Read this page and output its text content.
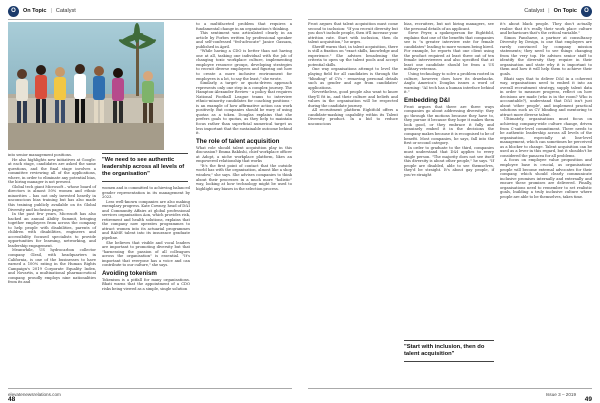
O	On Topic | Catalyst

into senior management positions.

He also highlights new initiatives at Google: at each stage, candidates are asked the same questions, and the final stage involves a committee reviewing all of the applications, where, in order to eliminate any potential bias, the hiring manager is not present.

Global tech giant Microsoft – whose board of directors is almost 50% women and ethnic minorities – has not only invested heavily in unconscious bias training but has also made this training publicly available on its Global Diversity and Inclusion pages.

In the past few years, Microsoft has also backed an annual Ability Summit, bringing together employees from across the company to help people with disabilities, parents of children with disabilities, engineers and accessibility focused specialists to provide opportunities for learning, networking, and leadership engagement.

Meanwhile, US hydrocarbon collector company Glesil, with headquarters in California, is one of the businesses to have earned a 100% rating in the Human Rights Campaign's 2019 Corporate Equality Index, and Novartis, a multinational pharmaceutical company, proudly employs nine nationalities from its and

"We need to see authentic leadership across all levels of the organisation"

women and is committed to achieving balanced gender representation in its management by 2023.

Less well-known companies are also making exemplary progress. Kate Cowney, head of D&I and Community Affairs at global professional services organisation Aon, which provides risk, retirement and health solutions, explains that the company now operates programmes to attract women into its actuarial programmes and BAME talent into its insurance graduate pipeline.

She believes that visible and vocal leaders are important to promoting diversity but that "harnessing the passion of all colleagues across the organisation" is essential. "It's important that everyone has a voice and can contribute to our culture," she says.

Avoiding tokenism

Tokenism is a pitfall for many organisations. Bhati warns that the appointment of a CDO risks being viewed as a simple, single solution

to a multifaceted problem that requires a fundamental change in an organisation's thinking.

This sentiment was articulated clearly in an article by Forbes written by professional speaker and self-confessed "fed-advocate" Janice Gassam, published in April.

"While having a CDO is better than not having one at all, tasking one individual with the job of changing toxic workplace culture, implementing employee resource groups, developing strategies to recruit diverse employees and figuring out how to create a more inclusive environment for employees is a lot, to say the least," she wrote.

Similarly, a target- or quota-driven approach represents only one step in a complex journey. The Hampton-Alexander Review - a policy that requires National Football League teams to interview ethnic-minority candidates for coaching positions - is an example of how affirmative action can work positively. But companies should be wary of using quotas as a token. Douglas explains that she prefers goals to quotas, as they help to maintain focus rather than superficial numerical target as less important that the sustainable outcome behind it.

The role of talent acquisition

What role should talent acquisition play in this discussion? Emma Bakhshi, chief workplace officer at Adopt, a niche workplace platform, likes an empowered relationship that works

"It's the first point of contact that the outside world has with the organisation, almost like a shop window," she says. She advises companies to think about their processes in a much more "holistic" way, looking at how technology might be used to highlight any biases in the selection process.

elevatenewsrelations.com
48
Catalyst | On Topic	O

Frost argues that talent acquisition must come second to inclusion: "If you recruit diversity but you don't include people, then it'll increase your attrition rate. Start with inclusion, then do talent acquisition," he urges.

Sheriff warns that, in talent acquisition, there is still a fixation on "exact skills, knowledge and experience." She advises broadening the criteria to open up the talent pools and accept potential skills.

One way organisations attempt to level the playing field for all candidates is through the "blinding" of CVs - removing personal details such as gender and age from candidates' applications.

Nevertheless, good people also want to know they'll fit in, and their culture and beliefs and values in the organisation will be respected during the candidate journey.

All recruitment platform Eightfold offers a candidate-masking capability within its Talent Diversity product. In a bid to reduce unconscious

bias, recruiters, but not hiring managers, see the personal details of an applicant.

Steve Peyer, a spokesperson for Eightfold, explains that one of the benefits that companies see is "a greater interview rate for female candidates" leading to more women being hired. For example, he reports that one client using the product required at least three out of ten female interviewees and also specified that at least one candidate should be from a US military veterans.

Using technology to solve a problem rooted in culture, however, does have its drawbacks. Anglo America's Douglas issues a word of warning: "AI tech has a human interface behind it."

Embedding D&I

Frost argues that there are three ways companies go about addressing diversity: they go through the motions because they have to, they pursue it because they hope it makes them look good, or they embrace it fully and genuinely embed it in the decisions the company makes because it is recognised to be of benefit. Most companies, he says, fall into the first or second category.

In order to graduate to the third, companies must understand that D&I applies to every single person. "The majority does not see itself this diversity is about other people," he says. "If people are disabled, able to see themselves, they'd be straight. It's about gay people, if you're straight

"Start with inclusion, then do talent acquisition"

it's about black people. They don't actually realise that it's really their work place culture and behaviours that's the critical variable."

Simon Fanshawe, a partner at consultancy Diversity by Design, is one that employers are rarely convinced by company mission statements; they need to see things changing from the very top. He advises senior staff to identify the diversity they require in their organisation and state why it is important to them and how it will help them to achieve their goals.

Bhati says that to deliver D&I in a coherent way, organisations need to embed it into an overall recruitment strategy, supply talent data in order to measure progress, reflect on how decisions are made (who is in the room? Who is accountable?), understand that D&I isn't just about 'other people', and implement practical solutions such as CV blinding and mentoring to attract more diverse talent.

Ultimately, organisations must focus on achieving company-wide culture change, driven from C-suite-level commitment. There needs to be authentic leadership across all levels of the organisation, especially at line-level management, which can sometimes be perceived as a blocker to change. Talent acquisition can be used as a lever in this regard, but it shouldn't be considered the panacea for all problems.

A focus on employee value proposition and employee base is crucial, as organisations' people will become external advocates for their company, which should clearly communicate inclusive promises internally and externally and ensure these promises are delivered. Finally, organisations need to remember to set realistic goals, building a truly inclusive culture where people are able to be themselves, takes time.

Issue 3 – 2019
49
